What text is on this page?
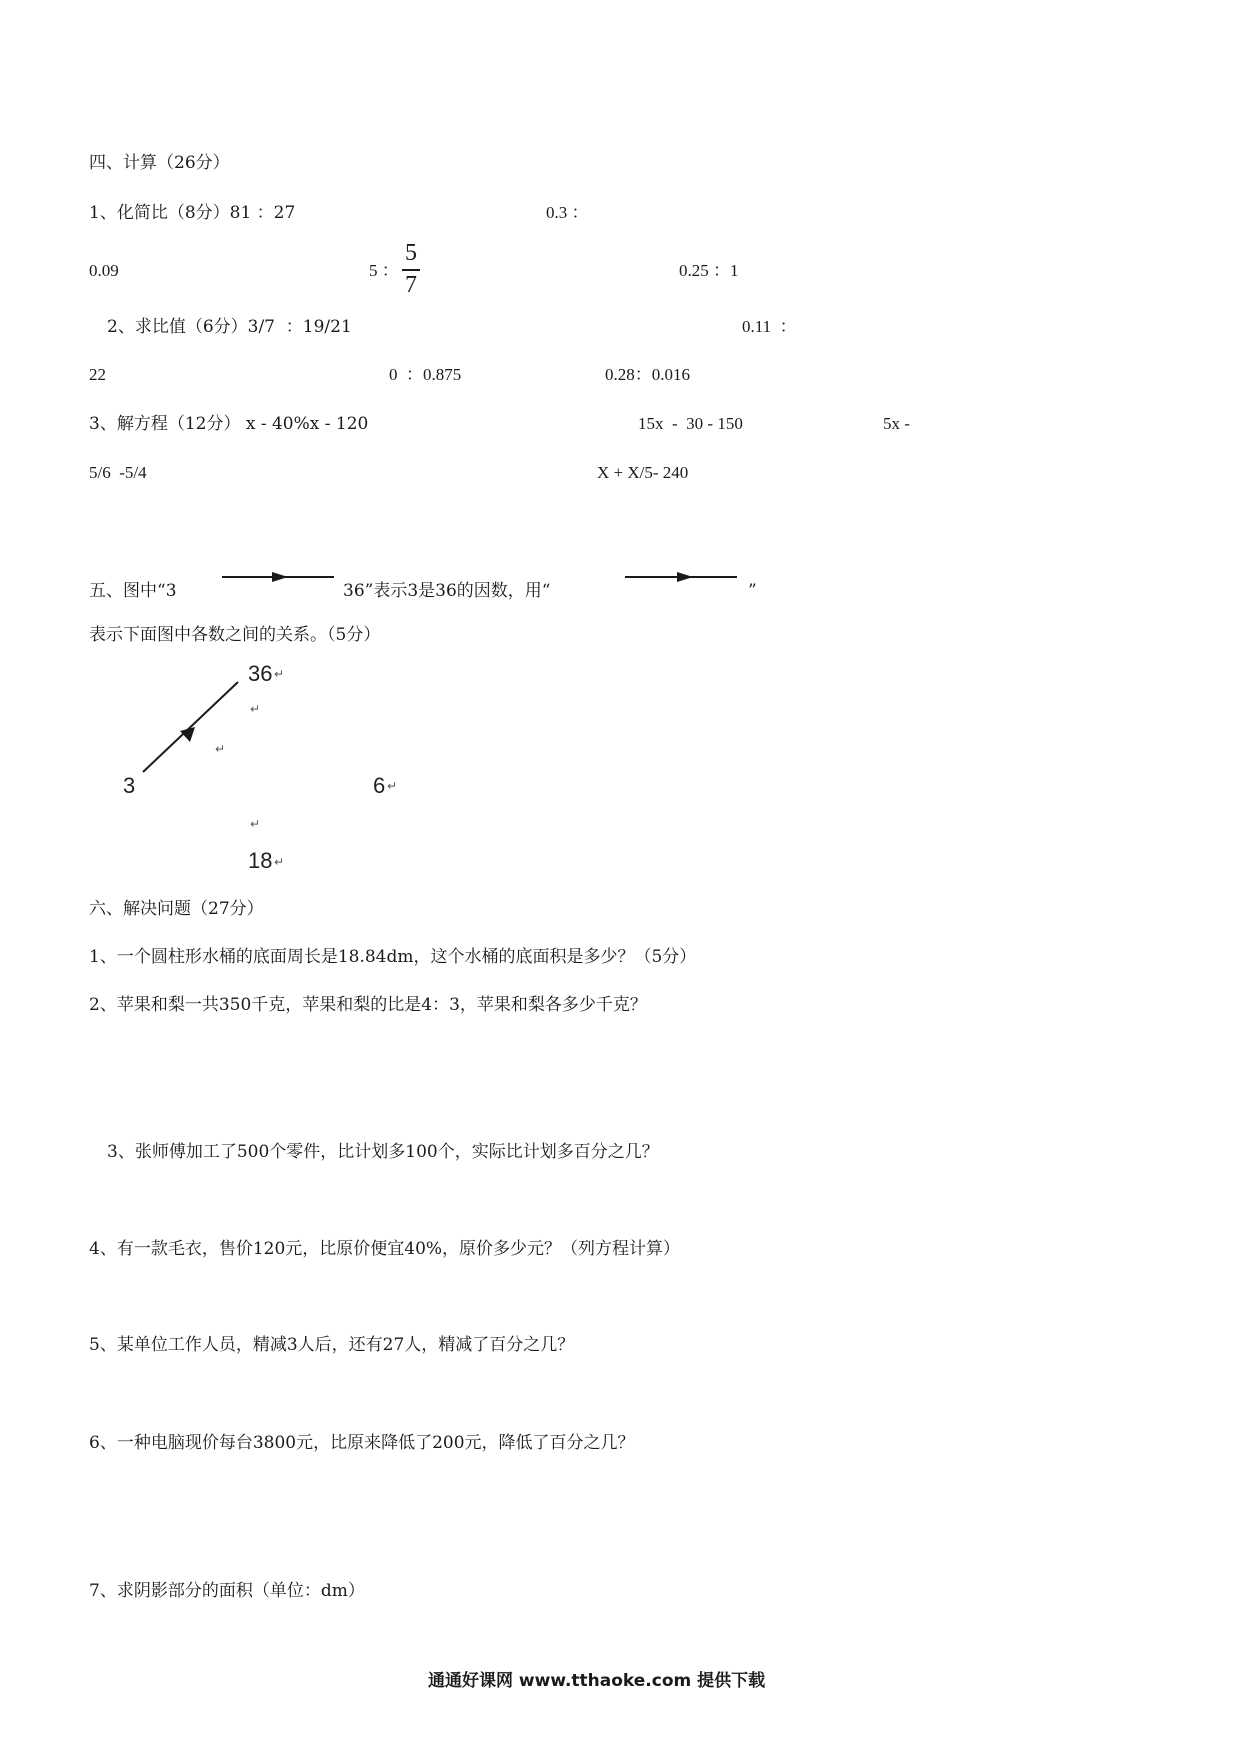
四、计算（26分）
1、化简比（8分）81 ：27	0.3 ：
0.09	5 ：
5
7
0.25 ：1
2、求比值（6分）3/7  ：19/21	0.11  ：
22	0  ：0.875	0.28：0.016
3、解方程（12分） x - 40%x - 120	15x  -  30 - 150	5x -
5/6  -5/4	X + X/5- 240
五、图中“3	36”表示3是36的因数，用“	”
表示下面图中各数之间的关系。（5分）
36 ↵
↵
↵
3	6 ↵
↵
18 ↵
六、解决问题（27分）
1、一个圆柱形水桶的底面周长是18.84dm，这个水桶的底面积是多少？（5分）
2、苹果和梨一共350千克，苹果和梨的比是4：3，苹果和梨各多少千克？
3、张师傅加工了500个零件，比计划多100个，实际比计划多百分之几？
4、有一款毛衣，售价120元，比原价便宜40%，原价多少元？（列方程计算）
5、某单位工作人员，精减3人后，还有27人，精减了百分之几？
6、一种电脑现价每台3800元，比原来降低了200元，降低了百分之几？
7、求阴影部分的面积（单位：dm）
通通好课网 www.tthaoke.com 提供下载
